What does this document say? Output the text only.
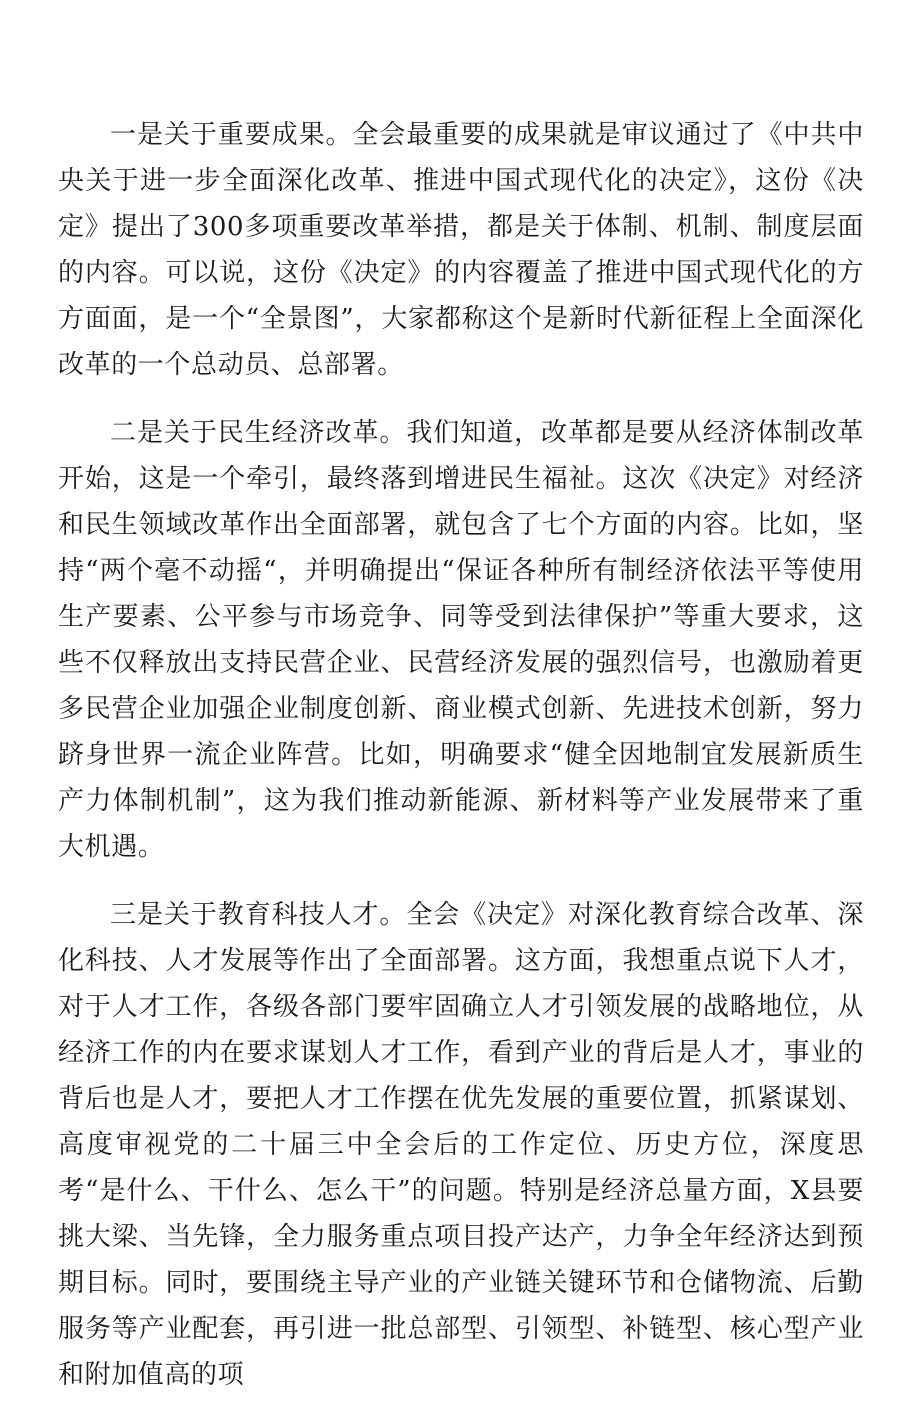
一是关于重要成果。全会最重要的成果就是审议通过了《中共中央关于进一步全面深化改革、推进中国式现代化的决定》，这份《决定》提出了300多项重要改革举措，都是关于体制、机制、制度层面的内容。可以说，这份《决定》的内容覆盖了推进中国式现代化的方方面面，是一个“全景图”，大家都称这个是新时代新征程上全面深化改革的一个总动员、总部署。

二是关于民生经济改革。我们知道，改革都是要从经济体制改革开始，这是一个牵引，最终落到增进民生福祉。这次《决定》对经济和民生领域改革作出全面部署，就包含了七个方面的内容。比如，坚持“两个毫不动摇“，并明确提出“保证各种所有制经济依法平等使用生产要素、公平参与市场竞争、同等受到法律保护”等重大要求，这些不仅释放出支持民营企业、民营经济发展的强烈信号，也激励着更多民营企业加强企业制度创新、商业模式创新、先进技术创新，努力跻身世界一流企业阵营。比如，明确要求“健全因地制宜发展新质生产力体制机制”，这为我们推动新能源、新材料等产业发展带来了重大机遇。

三是关于教育科技人才。全会《决定》对深化教育综合改革、深化科技、人才发展等作出了全面部署。这方面，我想重点说下人才，对于人才工作，各级各部门要牢固确立人才引领发展的战略地位，从经济工作的内在要求谋划人才工作，看到产业的背后是人才，事业的背后也是人才，要把人才工作摆在优先发展的重要位置，抓紧谋划、高度审视党的二十届三中全会后的工作定位、历史方位，深度思考“是什么、干什么、怎么干”的问题。特别是经济总量方面，X县要挑大梁、当先锋，全力服务重点项目投产达产，力争全年经济达到预期目标。同时，要围绕主导产业的产业链关键环节和仓储物流、后勤服务等产业配套，再引进一批总部型、引领型、补链型、核心型产业和附加值高的项
